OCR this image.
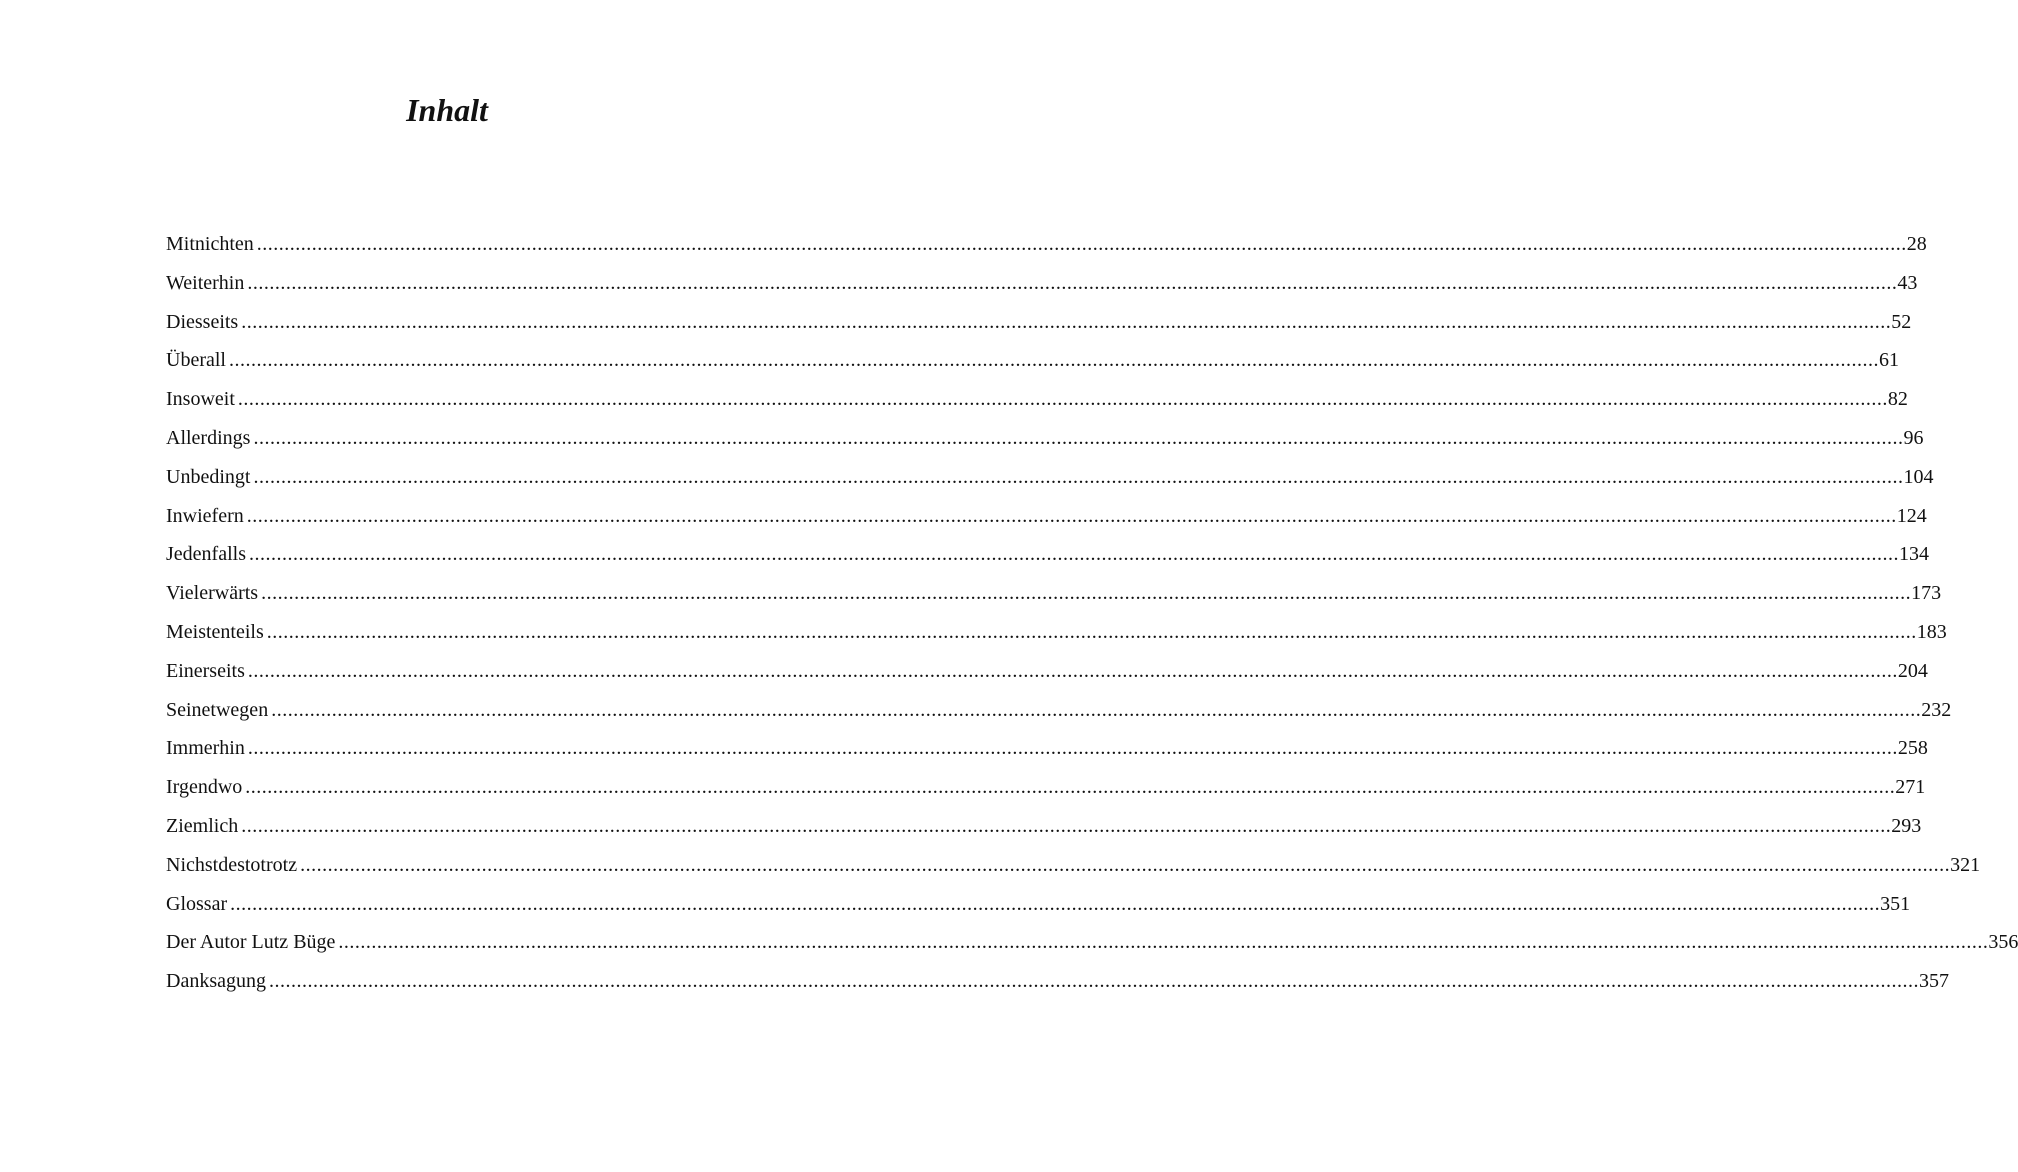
Inhalt
Mitnichten ............................................................................................................................................................................................................................................................................................................ 28
Weiterhin ............................................................................................................................................................................................................................................................................................................ 43
Diesseits ............................................................................................................................................................................................................................................................................................................ 52
Überall ............................................................................................................................................................................................................................................................................................................ 61
Insoweit ............................................................................................................................................................................................................................................................................................................ 82
Allerdings ............................................................................................................................................................................................................................................................................................................ 96
Unbedingt ............................................................................................................................................................................................................................................................................................................ 104
Inwiefern ............................................................................................................................................................................................................................................................................................................ 124
Jedenfalls ............................................................................................................................................................................................................................................................................................................ 134
Vielerwärts ............................................................................................................................................................................................................................................................................................................ 173
Meistenteils ............................................................................................................................................................................................................................................................................................................ 183
Einerseits ............................................................................................................................................................................................................................................................................................................ 204
Seinetwegen ............................................................................................................................................................................................................................................................................................................ 232
Immerhin ............................................................................................................................................................................................................................................................................................................ 258
Irgendwo ............................................................................................................................................................................................................................................................................................................ 271
Ziemlich ............................................................................................................................................................................................................................................................................................................ 293
Nichstdestotrotz ............................................................................................................................................................................................................................................................................................................ 321
Glossar ............................................................................................................................................................................................................................................................................................................ 351
Der Autor Lutz Büge ............................................................................................................................................................................................................................................................................................................ 356
Danksagung ............................................................................................................................................................................................................................................................................................................ 357
